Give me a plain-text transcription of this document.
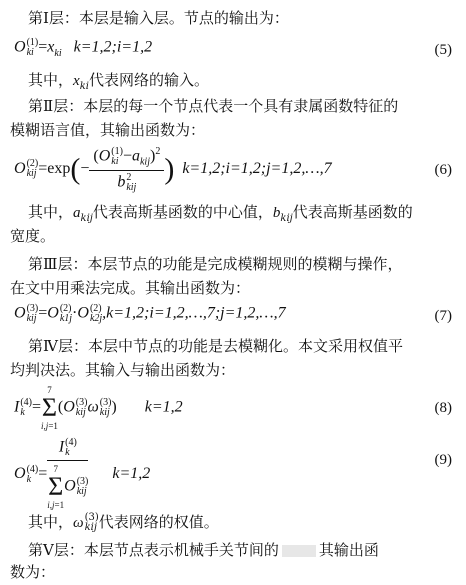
第Ⅰ层：本层是输入层。节点的输出为：
O (1)
ki $=x_{ki}$ k=1,2;i=1,2	(5)
其中，$x_{ki}$代表网络的输入。
第Ⅱ层：本层的每一个节点代表一个具有隶属函数特征的
模糊语言值，其输出函数为：
O (2)
kij =exp(− (O (1)
ki $-a_{kij})^2$
b 2
kij ) k=1,2;i=1,2;j=1,2,…,7	(6)
其中，$a_{kij}$代表高斯基函数的中心值，$b_{kij}$代表高斯基函数的
宽度。
第Ⅲ层：本层节点的功能是完成模糊规则的模糊与操作，
在文中用乘法完成。其输出函数为：
O (3)
kij =O (2)
k1j ·O (2)
k2j ,k=1,2;i=1,2,…,7;j=1,2,…,7	(7)
第Ⅳ层：本层中节点的功能是去模糊化。本文采用权值平
均判决法。其输入与输出函数为：
I (4)
k =
7
Σ
i,j=1
(O (3)
kij ω (3)
kij )       k=1,2	(8)
O (4)
k = I (4)
k
7
Σ
i,j=1
O (3)
kij k=1,2
(9)
其中，ω (3)
kij 代表网络的权值。
第Ⅴ层：本层节点表示机械手关节间的	其输出函
数为：
